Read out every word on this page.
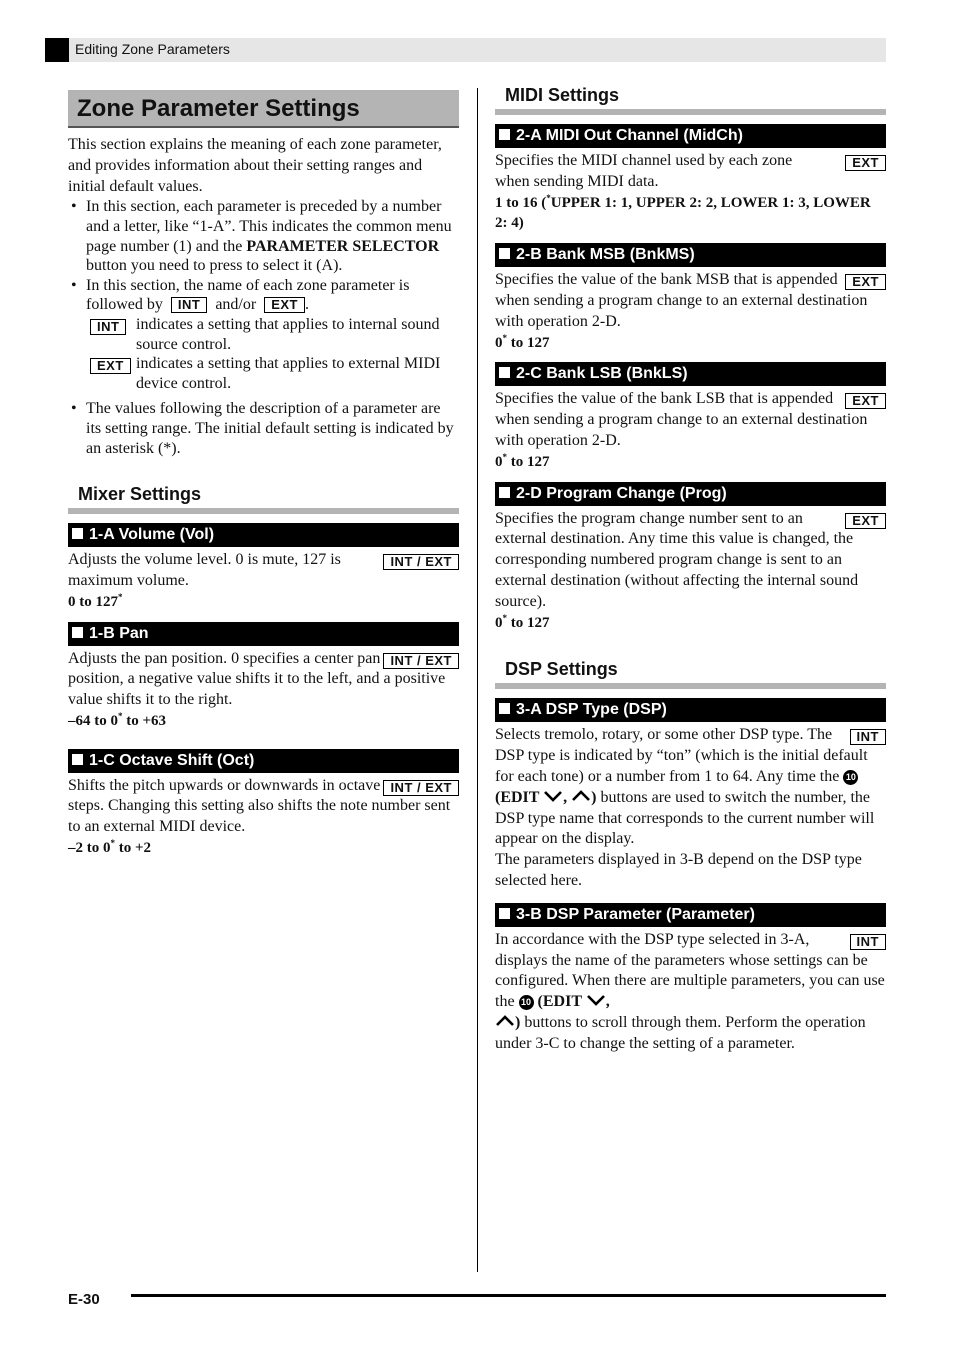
Editing Zone Parameters
Zone Parameter Settings

This section explains the meaning of each zone parameter, and provides information about their setting ranges and initial default values.

• In this section, each parameter is preceded by a number and a letter, like “1-A”. This indicates the common menu page number (1) and the PARAMETER SELECTOR button you need to press to select it (A).
• In this section, the name of each zone parameter is
followed by INT and/or EXT .
INT	indicates a setting that applies to internal sound source control.
EXT indicates a setting that applies to external MIDI device control.
• The values following the description of a parameter are its setting range. The initial default setting is indicated by an asterisk (*).
Mixer Settings
1-A Volume (Vol)
INT / EXT

Adjusts the volume level. 0 is mute, 127 is maximum volume.

0 to 127*
1-B Pan
INT / EXT

Adjusts the pan position. 0 specifies a center pan position, a negative value shifts it to the left, and a positive value shifts it to the right.

–64 to 0* to +63
1-C Octave Shift (Oct)
INT / EXT

Shifts the pitch upwards or downwards in octave steps. Changing this setting also shifts the note number sent to an external MIDI device.

–2 to 0* to +2
MIDI Settings
2-A MIDI Out Channel (MidCh)
EXT

Specifies the MIDI channel used by each zone when sending MIDI data.

1 to 16 (*UPPER 1: 1, UPPER 2: 2, LOWER 1: 3, LOWER 2: 4)
2-B Bank MSB (BnkMS)
EXT

Specifies the value of the bank MSB that is appended when sending a program change to an external destination with operation 2-D.

0* to 127
2-C Bank LSB (BnkLS)
EXT

Specifies the value of the bank LSB that is appended when sending a program change to an external destination with operation 2-D.

0* to 127
2-D Program Change (Prog)
EXT

Specifies the program change number sent to an external destination. Any time this value is changed, the corresponding numbered program change is sent to an external destination (without affecting the internal sound source).

0* to 127
DSP Settings
3-A DSP Type (DSP)
INT

Selects tremolo, rotary, or some other DSP type. The DSP type is indicated by “ton” (which is the initial default for each tone) or a number from 1 to 64. Any time the 10 (EDIT , ) buttons are used to switch the number, the DSP type name that corresponds to the current number will appear on the display.

The parameters displayed in 3-B depend on the DSP type selected here.

3-B DSP Parameter (Parameter)
INT

In accordance with the DSP type selected in 3-A, displays the name of the parameters whose settings can be configured. When there are multiple parameters, you can use the 10 (EDIT ,
) buttons to scroll through them. Perform the operation under 3-C to change the setting of a parameter.

E-30
